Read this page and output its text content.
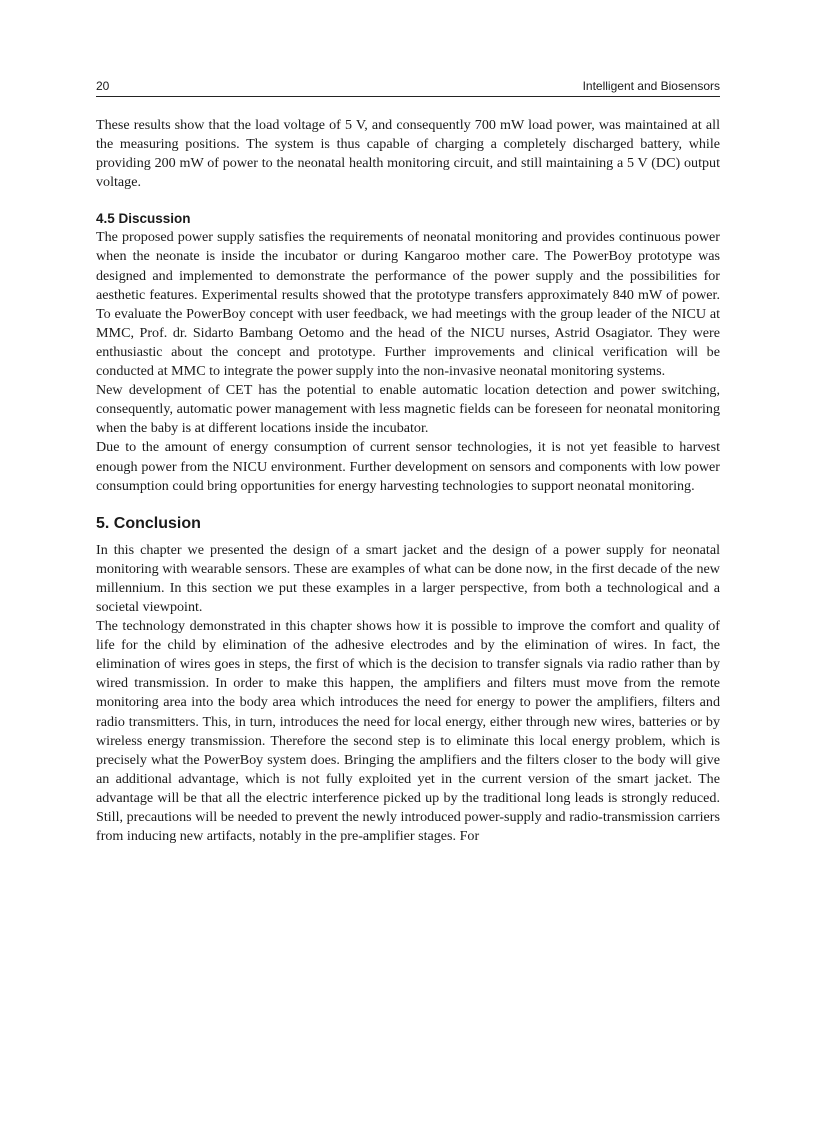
20	Intelligent and Biosensors

These results show that the load voltage of 5 V, and consequently 700 mW load power, was maintained at all the measuring positions. The system is thus capable of charging a completely discharged battery, while providing 200 mW of power to the neonatal health monitoring circuit, and still maintaining a 5 V (DC) output voltage.

4.5 Discussion

The proposed power supply satisfies the requirements of neonatal monitoring and provides continuous power when the neonate is inside the incubator or during Kangaroo mother care. The PowerBoy prototype was designed and implemented to demonstrate the performance of the power supply and the possibilities for aesthetic features. Experimental results showed that the prototype transfers approximately 840 mW of power. To evaluate the PowerBoy concept with user feedback, we had meetings with the group leader of the NICU at MMC, Prof. dr. Sidarto Bambang Oetomo and the head of the NICU nurses, Astrid Osagiator. They were enthusiastic about the concept and prototype. Further improvements and clinical verification will be conducted at MMC to integrate the power supply into the non-invasive neonatal monitoring systems.

New development of CET has the potential to enable automatic location detection and power switching, consequently, automatic power management with less magnetic fields can be foreseen for neonatal monitoring when the baby is at different locations inside the incubator.

Due to the amount of energy consumption of current sensor technologies, it is not yet feasible to harvest enough power from the NICU environment. Further development on sensors and components with low power consumption could bring opportunities for energy harvesting technologies to support neonatal monitoring.

5. Conclusion

In this chapter we presented the design of a smart jacket and the design of a power supply for neonatal monitoring with wearable sensors. These are examples of what can be done now, in the first decade of the new millennium. In this section we put these examples in a larger perspective, from both a technological and a societal viewpoint.

The technology demonstrated in this chapter shows how it is possible to improve the comfort and quality of life for the child by elimination of the adhesive electrodes and by the elimination of wires. In fact, the elimination of wires goes in steps, the first of which is the decision to transfer signals via radio rather than by wired transmission. In order to make this happen, the amplifiers and filters must move from the remote monitoring area into the body area which introduces the need for energy to power the amplifiers, filters and radio transmitters. This, in turn, introduces the need for local energy, either through new wires, batteries or by wireless energy transmission. Therefore the second step is to eliminate this local energy problem, which is precisely what the PowerBoy system does. Bringing the amplifiers and the filters closer to the body will give an additional advantage, which is not fully exploited yet in the current version of the smart jacket. The advantage will be that all the electric interference picked up by the traditional long leads is strongly reduced. Still, precautions will be needed to prevent the newly introduced power-supply and radio-transmission carriers from inducing new artifacts, notably in the pre-amplifier stages. For
